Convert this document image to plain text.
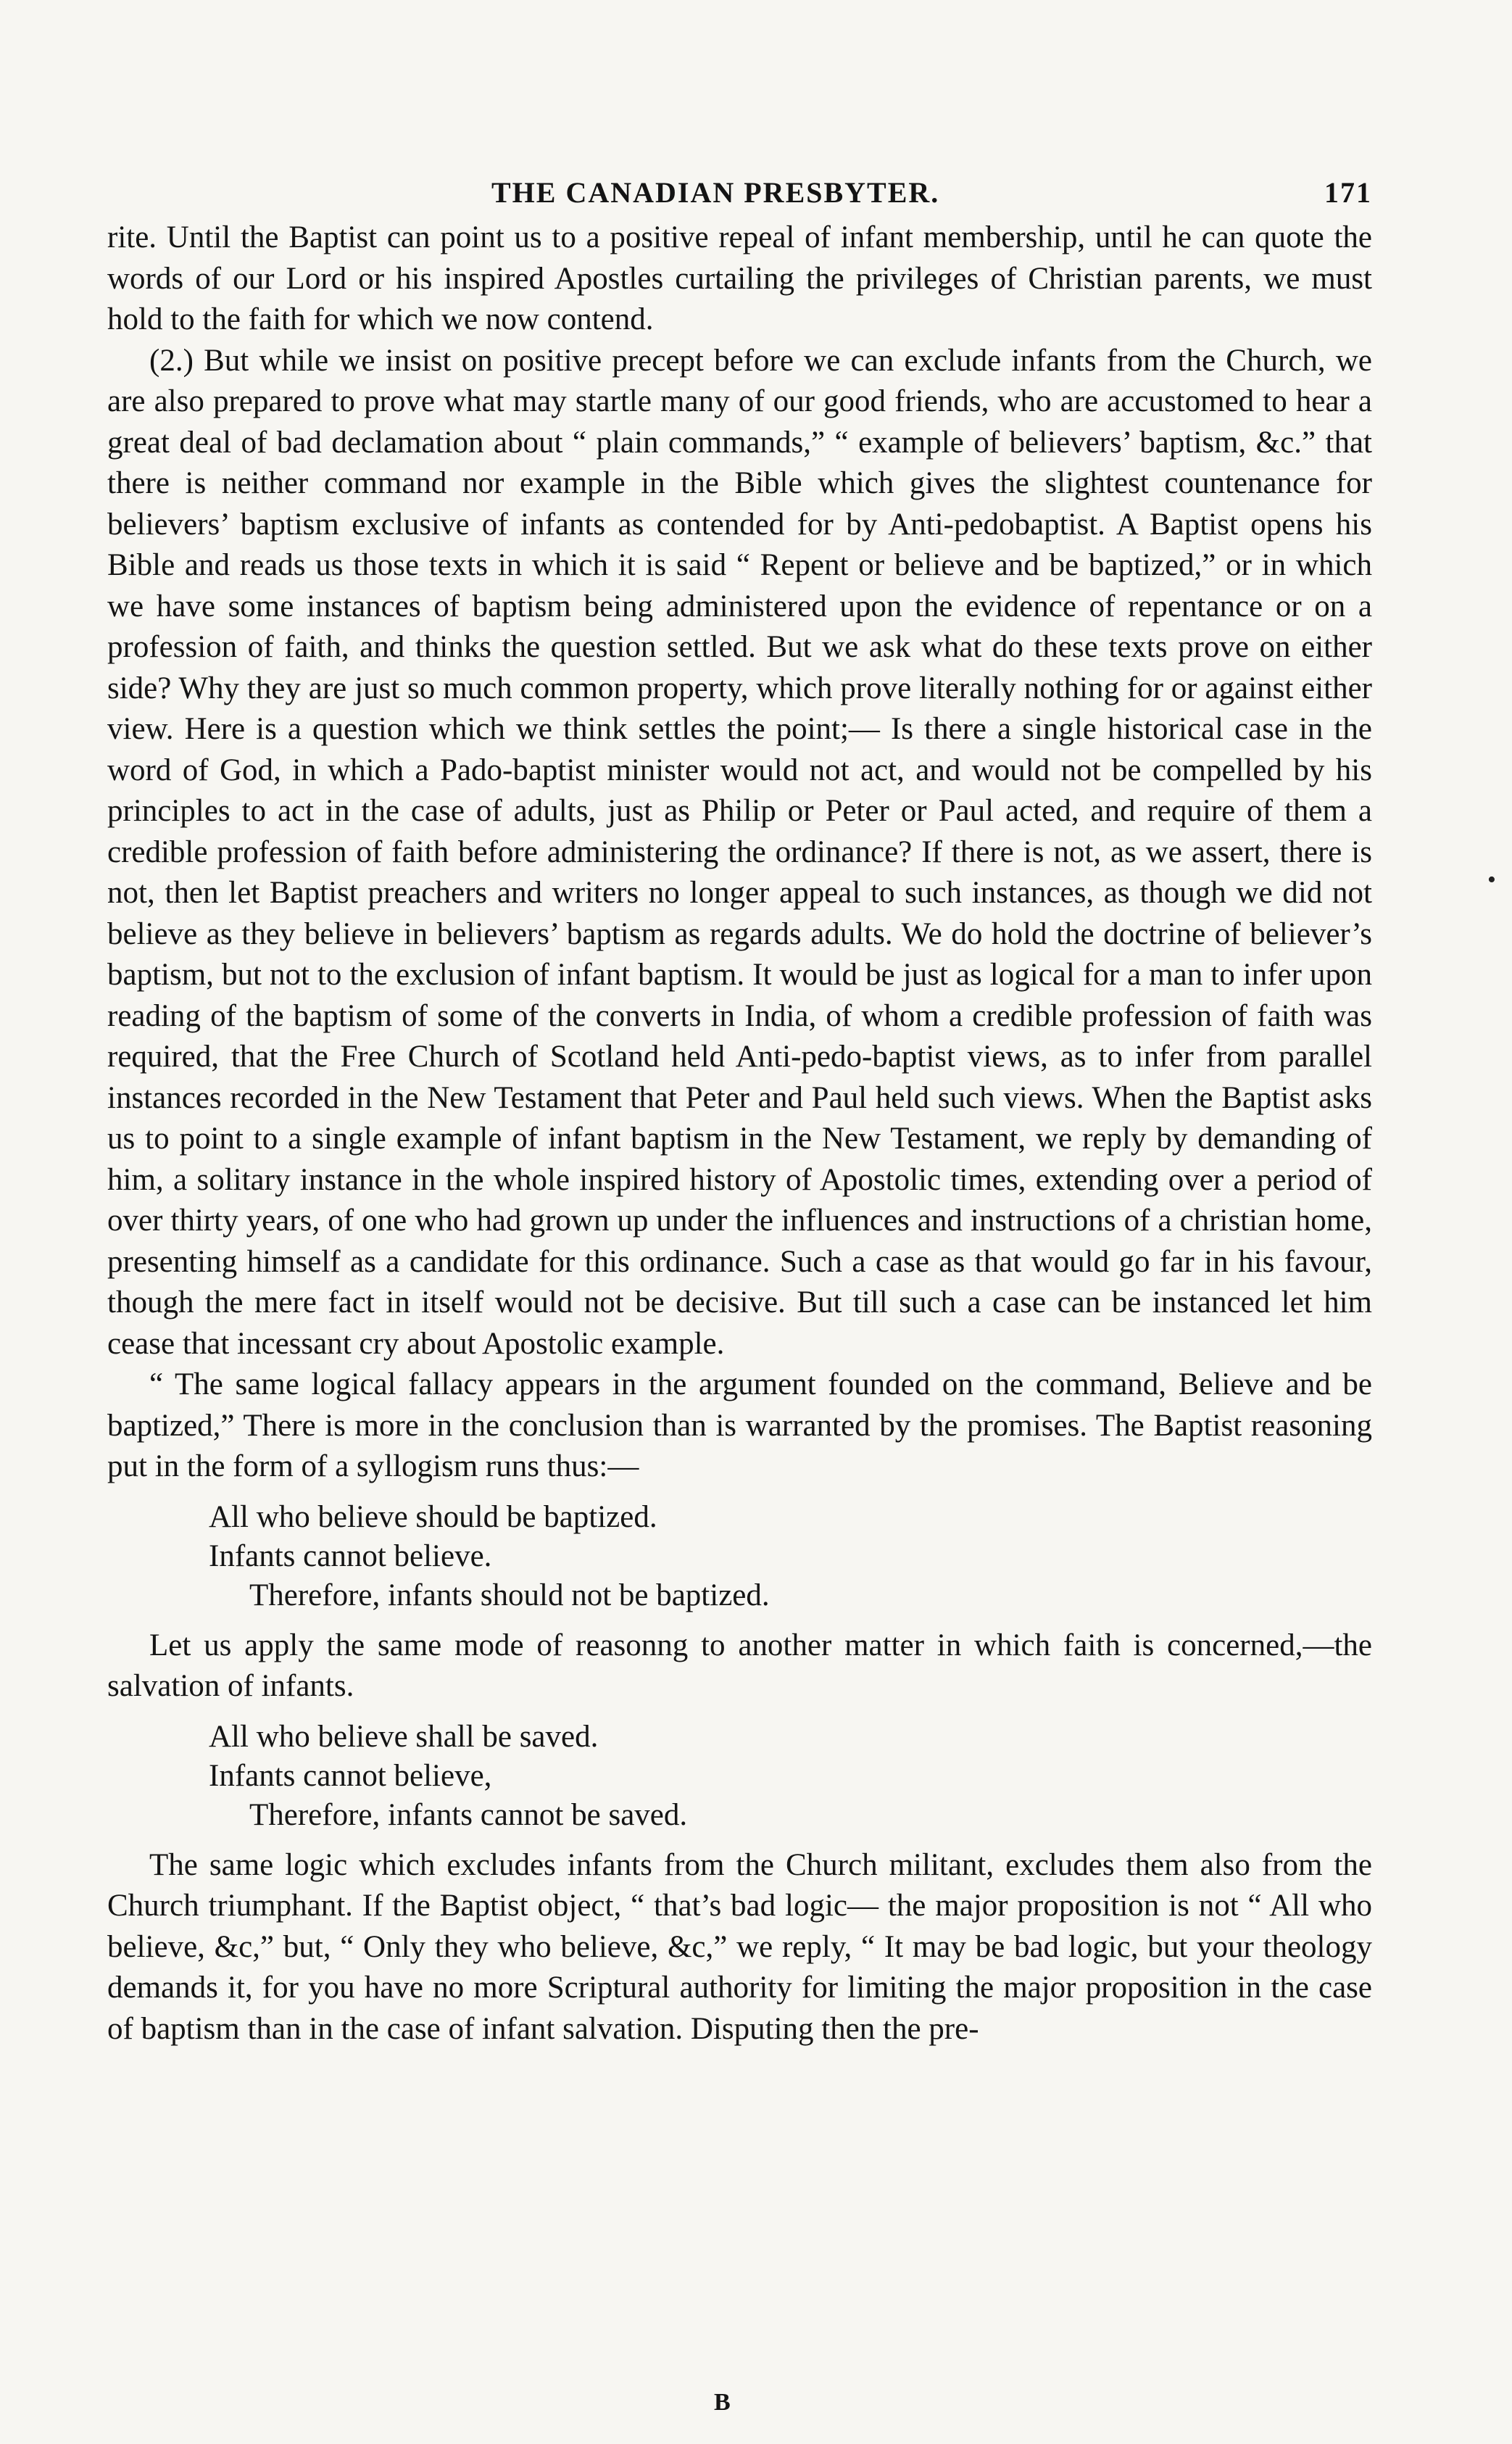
THE CANADIAN PRESBYTER.	171

rite. Until the Baptist can point us to a positive repeal of infant membership, until he can quote the words of our Lord or his inspired Apostles curtailing the privileges of Christian parents, we must hold to the faith for which we now contend.

(2.) But while we insist on positive precept before we can exclude infants from the Church, we are also prepared to prove what may startle many of our good friends, who are accustomed to hear a great deal of bad declamation about “ plain commands,” “ example of believers’ baptism, &c.” that there is neither command nor example in the Bible which gives the slightest countenance for believers’ baptism exclusive of infants as contended for by Anti-pedobaptist. A Baptist opens his Bible and reads us those texts in which it is said “ Repent or believe and be baptized,” or in which we have some instances of baptism being administered upon the evidence of repentance or on a profession of faith, and thinks the question settled. But we ask what do these texts prove on either side? Why they are just so much common property, which prove literally nothing for or against either view. Here is a question which we think settles the point;— Is there a single historical case in the word of God, in which a Pado-baptist minister would not act, and would not be compelled by his principles to act in the case of adults, just as Philip or Peter or Paul acted, and require of them a credible profession of faith before administering the ordinance? If there is not, as we assert, there is not, then let Baptist preachers and writers no longer appeal to such instances, as though we did not believe as they believe in believers’ baptism as regards adults. We do hold the doctrine of believer’s baptism, but not to the exclusion of infant baptism. It would be just as logical for a man to infer upon reading of the baptism of some of the converts in India, of whom a credible profession of faith was required, that the Free Church of Scotland held Anti-pedo-baptist views, as to infer from parallel instances recorded in the New Testament that Peter and Paul held such views. When the Baptist asks us to point to a single example of infant baptism in the New Testament, we reply by demanding of him, a solitary instance in the whole inspired history of Apostolic times, extending over a period of over thirty years, of one who had grown up under the influences and instructions of a christian home, presenting himself as a candidate for this ordinance. Such a case as that would go far in his favour, though the mere fact in itself would not be decisive. But till such a case can be instanced let him cease that incessant cry about Apostolic example.

“ The same logical fallacy appears in the argument founded on the command, Believe and be baptized,” There is more in the conclusion than is warranted by the promises. The Baptist reasoning put in the form of a syllogism runs thus:—

All who believe should be baptized.
Infants cannot believe.
Therefore, infants should not be baptized.

Let us apply the same mode of reasonng to another matter in which faith is concerned,—the salvation of infants.

All who believe shall be saved.
Infants cannot believe,
Therefore, infants cannot be saved.

The same logic which excludes infants from the Church militant, excludes them also from the Church triumphant. If the Baptist object, “ that’s bad logic— the major proposition is not “ All who believe, &c,” but, “ Only they who believe, &c,” we reply, “ It may be bad logic, but your theology demands it, for you have no more Scriptural authority for limiting the major proposition in the case of baptism than in the case of infant salvation. Disputing then the pre-

•
B
